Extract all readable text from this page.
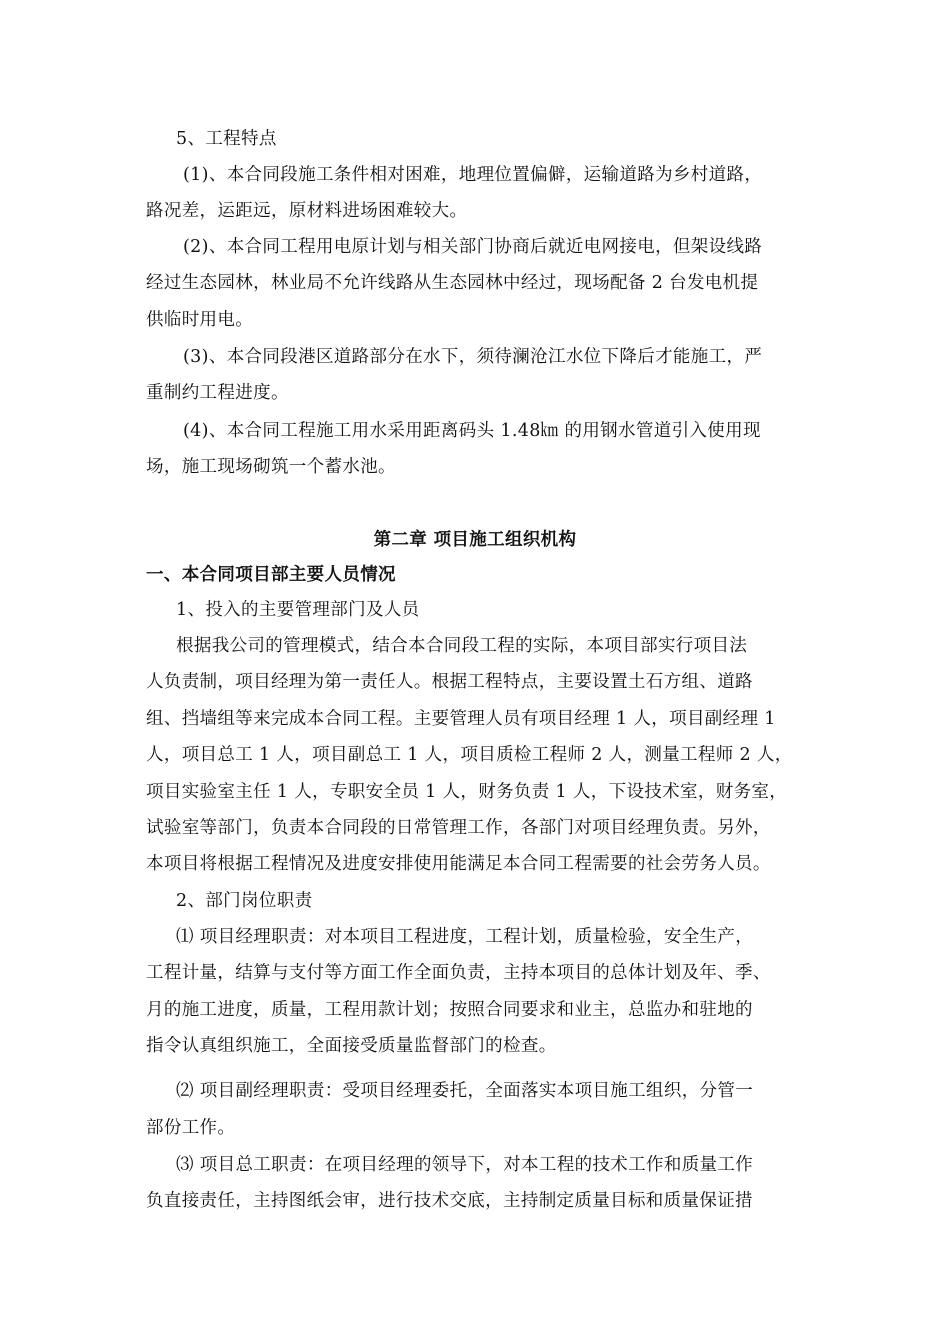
5、工程特点
(1)、本合同段施工条件相对困难，地理位置偏僻，运输道路为乡村道路，
路况差，运距远，原材料进场困难较大。
(2)、本合同工程用电原计划与相关部门协商后就近电网接电，但架设线路
经过生态园林，林业局不允许线路从生态园林中经过，现场配备 2 台发电机提
供临时用电。
(3)、本合同段港区道路部分在水下，须待澜沧江水位下降后才能施工，严
重制约工程进度。
(4)、本合同工程施工用水采用距离码头 1.48㎞ 的用钢水管道引入使用现
场，施工现场砌筑一个蓄水池。
第二章 项目施工组织机构
一、本合同项目部主要人员情况
1、投入的主要管理部门及人员
根据我公司的管理模式，结合本合同段工程的实际，本项目部实行项目法
人负责制，项目经理为第一责任人。根据工程特点，主要设置土石方组、道路
组、挡墙组等来完成本合同工程。主要管理人员有项目经理 1 人，项目副经理 1
人，项目总工 1 人，项目副总工 1 人，项目质检工程师 2 人，测量工程师 2 人，
项目实验室主任 1 人，专职安全员 1 人，财务负责 1 人，下设技术室，财务室，
试验室等部门，负责本合同段的日常管理工作，各部门对项目经理负责。另外，
本项目将根据工程情况及进度安排使用能满足本合同工程需要的社会劳务人员。
2、部门岗位职责
⑴ 项目经理职责：对本项目工程进度，工程计划，质量检验，安全生产，
工程计量，结算与支付等方面工作全面负责，主持本项目的总体计划及年、季、
月的施工进度，质量，工程用款计划；按照合同要求和业主，总监办和驻地的
指令认真组织施工，全面接受质量监督部门的检查。
⑵ 项目副经理职责：受项目经理委托，全面落实本项目施工组织，分管一
部份工作。
⑶ 项目总工职责：在项目经理的领导下，对本工程的技术工作和质量工作
负直接责任，主持图纸会审，进行技术交底，主持制定质量目标和质量保证措
